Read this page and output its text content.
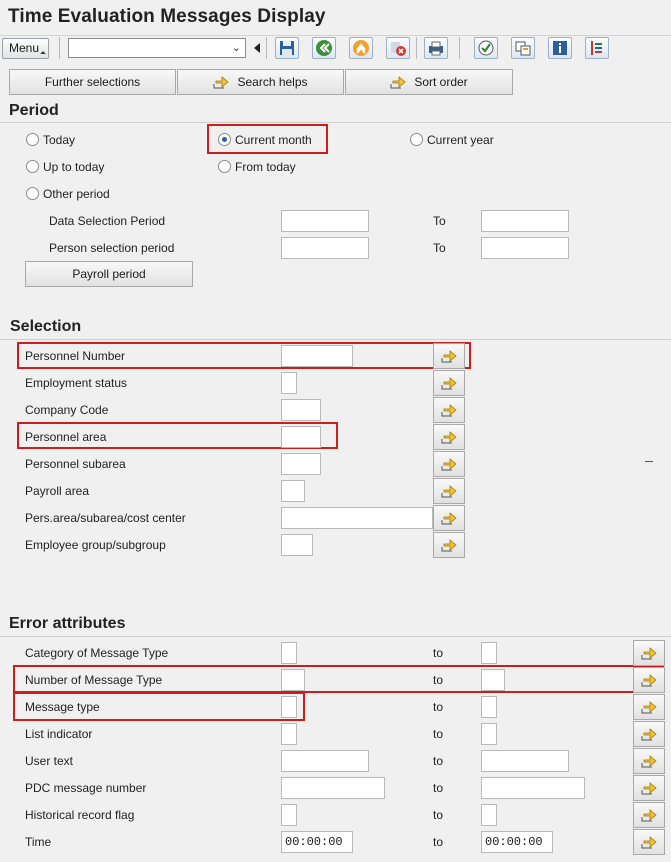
Time Evaluation Messages Display
Menu	⌄
Further selections	Search helps	Sort order
Period
Today	Current month	Current year
Up to today	From today
Other period
Data Selection Period	To
Person selection period	To
Payroll period
Selection
Personnel Number
Employment status
Company Code
Personnel area
Personnel subarea
Payroll area
Pers.area/subarea/cost center
Employee group/subgroup
Error attributes
Category of Message Type	to
Number of Message Type	to
Message type	to
List indicator	to
User text	to
PDC message number	to
Historical record flag	to
Time	00:00:00	to	00:00:00
